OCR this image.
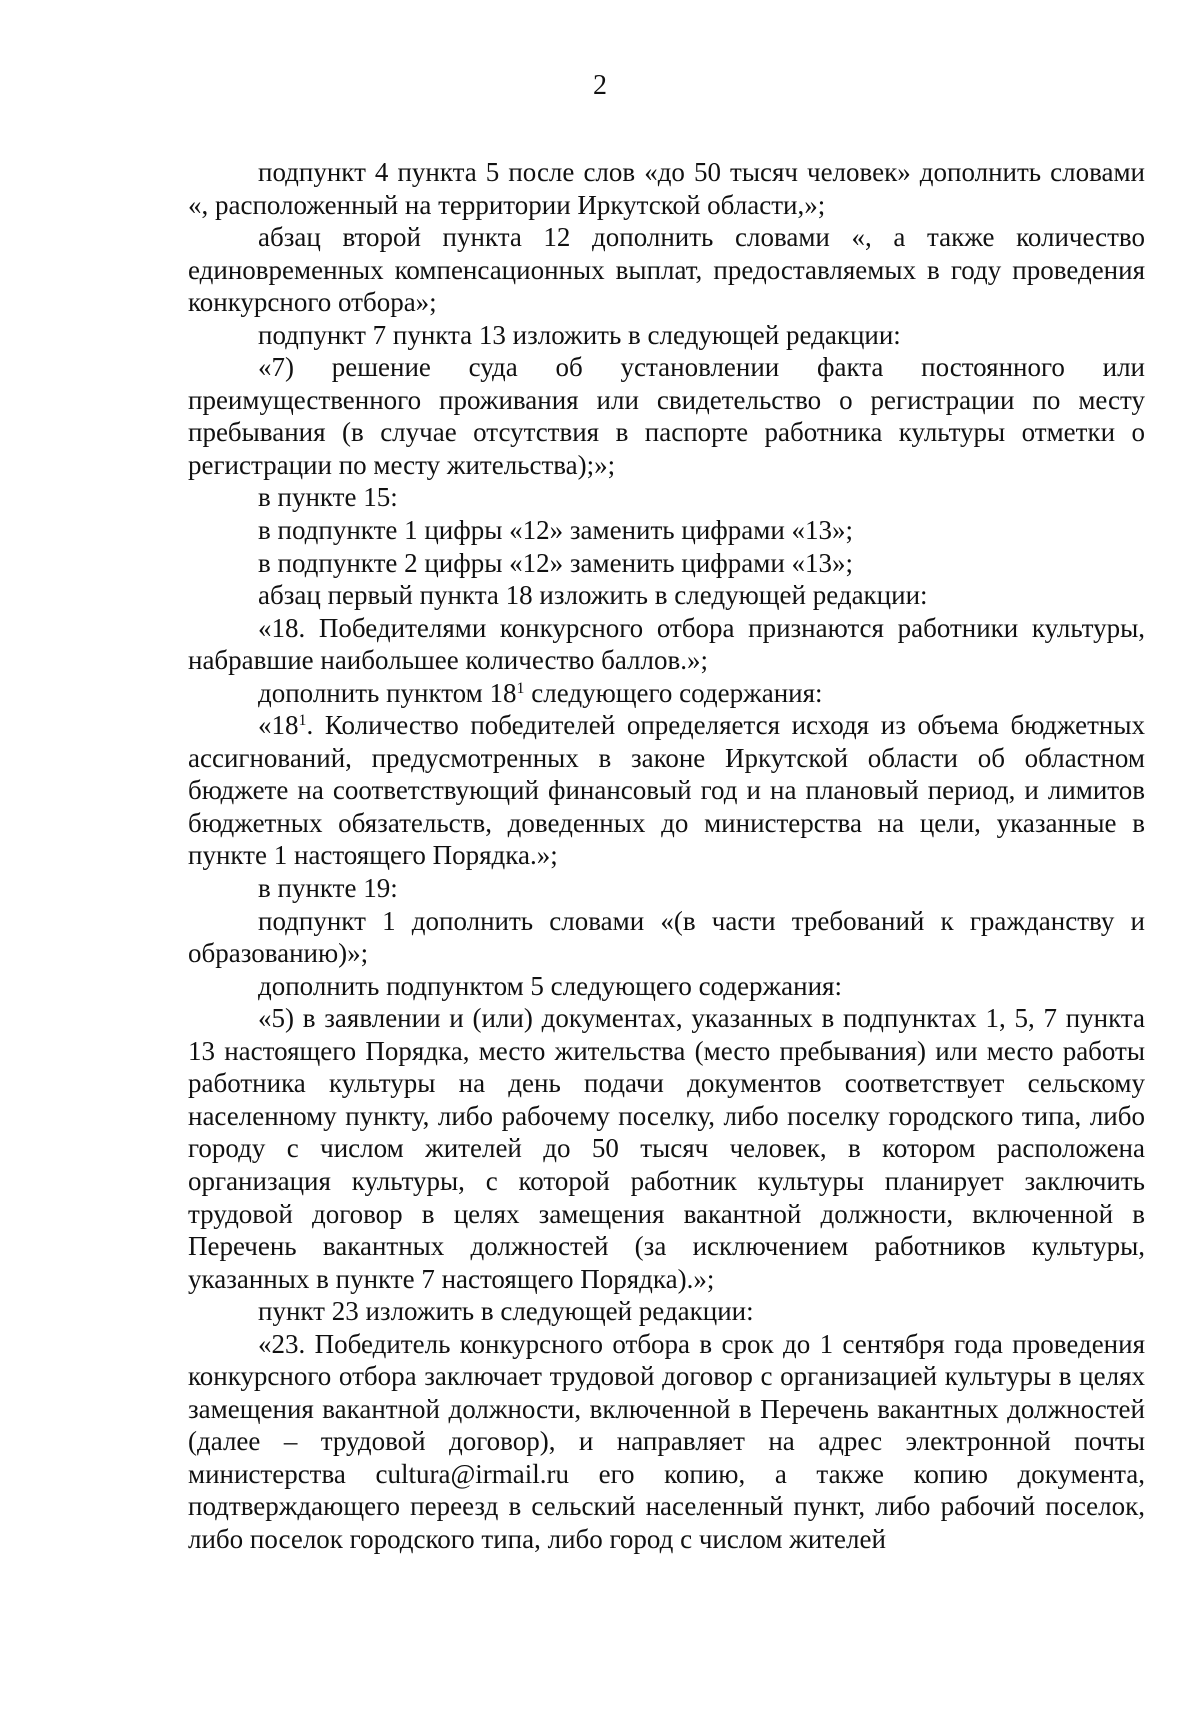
2

подпункт 4 пункта 5 после слов «до 50 тысяч человек» дополнить словами «, расположенный на территории Иркутской области,»;

абзац второй пункта 12 дополнить словами «, а также количество единовременных компенсационных выплат, предоставляемых в году проведения конкурсного отбора»;

подпункт 7 пункта 13 изложить в следующей редакции:

«7) решение суда об установлении факта постоянного или преимущественного проживания или свидетельство о регистрации по месту пребывания (в случае отсутствия в паспорте работника культуры отметки о регистрации по месту жительства);»;

в пункте 15:

в подпункте 1 цифры «12» заменить цифрами «13»;

в подпункте 2 цифры «12» заменить цифрами «13»;

абзац первый пункта 18 изложить в следующей редакции:

«18. Победителями конкурсного отбора признаются работники культуры, набравшие наибольшее количество баллов.»;

дополнить пунктом $18^1$ следующего содержания:

«$18^1$. Количество победителей определяется исходя из объема бюджетных ассигнований, предусмотренных в законе Иркутской области об областном бюджете на соответствующий финансовый год и на плановый период, и лимитов бюджетных обязательств, доведенных до министерства на цели, указанные в пункте 1 настоящего Порядка.»;

в пункте 19:

подпункт 1 дополнить словами «(в части требований к гражданству и образованию)»;

дополнить подпунктом 5 следующего содержания:

«5) в заявлении и (или) документах, указанных в подпунктах 1, 5, 7 пункта 13 настоящего Порядка, место жительства (место пребывания) или место работы работника культуры на день подачи документов соответствует сельскому населенному пункту, либо рабочему поселку, либо поселку городского типа, либо городу с числом жителей до 50 тысяч человек, в котором расположена организация культуры, с которой работник культуры планирует заключить трудовой договор в целях замещения вакантной должности, включенной в Перечень вакантных должностей (за исключением работников культуры, указанных в пункте 7 настоящего Порядка).»;

пункт 23 изложить в следующей редакции:

«23. Победитель конкурсного отбора в срок до 1 сентября года проведения конкурсного отбора заключает трудовой договор с организацией культуры в целях замещения вакантной должности, включенной в Перечень вакантных должностей (далее – трудовой договор), и направляет на адрес электронной почты министерства cultura@irmail.ru его копию, а также копию документа, подтверждающего переезд в сельский населенный пункт, либо рабочий поселок, либо поселок городского типа, либо город с числом жителей
